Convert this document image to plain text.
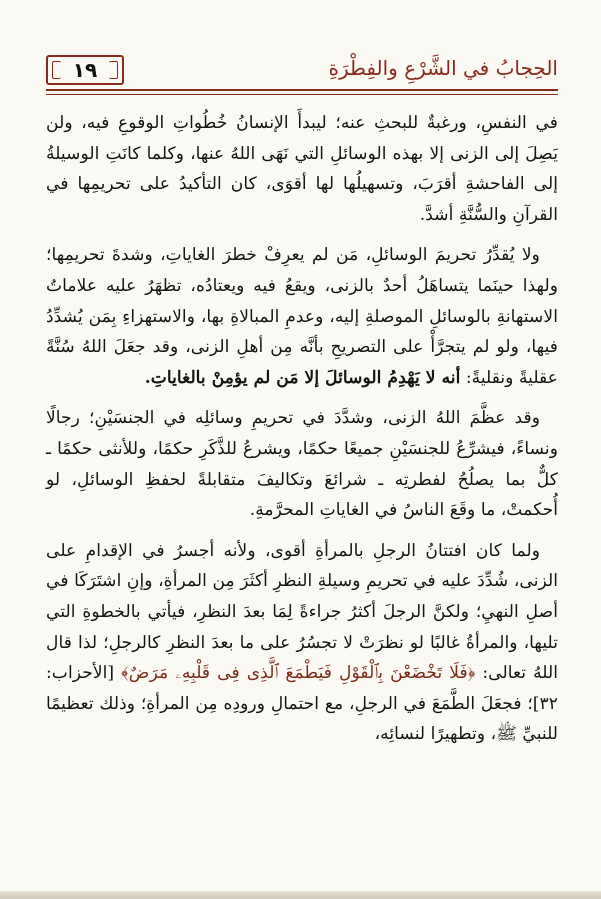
١٩	الحِجابُ في الشَّرْعِ والفِطْرَةِ

في النفسِ، ورغبةٌ للبحثِ عنه؛ ليبدأَ الإنسانُ خُطُواتِ الوقوعِ فيه، ولن يَصِلَ إلى الزنى إلا بهذه الوسائلِ التي نَهَى اللهُ عنها، وكلما كانَتِ الوسيلةُ إلى الفاحشةِ أقرَبَ، وتسهيلُها لها أقوَى، كان التأكيدُ على تحريمِها في القرآنِ والسُّنَّةِ أشدَّ.

ولا يُقدِّرُ تحريمَ الوسائلِ، مَن لم يعرِفْ خطرَ الغاياتِ، وشدةَ تحريمِها؛ ولهذا حينَما يتساهَلُ أحدٌ بالزنى، ويقعُ فيه ويعتادُه، تظهَرُ عليه علاماتُ الاستهانةِ بالوسائلِ الموصلةِ إليه، وعدمِ المبالاةِ بها، والاستهزاءِ بِمَن يُشدِّدُ فيها، ولو لم يتجرَّأْ على التصريحِ بأنَّه مِن أهلِ الزنى، وقد جعَلَ اللهُ سُنَّةً عقليةً ونقليةً: أنه لا يَهْدِمُ الوسائلَ إلا مَن لم يؤمِنْ بالغاياتِ.

وقد عظَّمَ اللهُ الزنى، وشدَّدَ في تحريمِ وسائلِه في الجنسَيْنِ؛ رجالًا ونساءً، فيشرِّعُ للجنسَيْنِ جميعًا حكمًا، ويشرعُ للذَّكَرِ حكمًا، وللأنثى حكمًا ـ كلٌّ بما يصلُحُ لفطرتِه ـ شرائعَ وتكاليفَ متقابلةً لحفظِ الوسائلِ، لو أُحكمتْ، ما وقَعَ الناسُ في الغاياتِ المحرَّمةِ.

ولما كان افتتانُ الرجلِ بالمرأةِ أقوى، ولأنه أجسرُ في الإقدامِ على الزنى، شُدِّدَ عليه في تحريمِ وسيلةِ النظرِ أكثَرَ مِن المرأةِ، وإنِ اشتَرَكَا في أصلِ النهيِ؛ ولكنَّ الرجلَ أكثرُ جراءةً لِمَا بعدَ النظرِ، فيأتي بالخطوةِ التي تليها، والمرأةُ غالبًا لو نظرَتْ لا تجسُرُ على ما بعدَ النظرِ كالرجلِ؛ لذا قال اللهُ تعالى: ﴿فَلَا تَخْضَعْنَ بِٱلْقَوْلِ فَيَطْمَعَ ٱلَّذِى فِى قَلْبِهِۦ مَرَضٌ﴾ [الأحزاب: ٣٢]؛ فجعَلَ الطَّمَعَ في الرجلِ، مع احتمالِ ورودِه مِن المرأةِ؛ وذلك تعظيمًا للنبيِّ ﷺ، وتطهيرًا لنسائِه،
